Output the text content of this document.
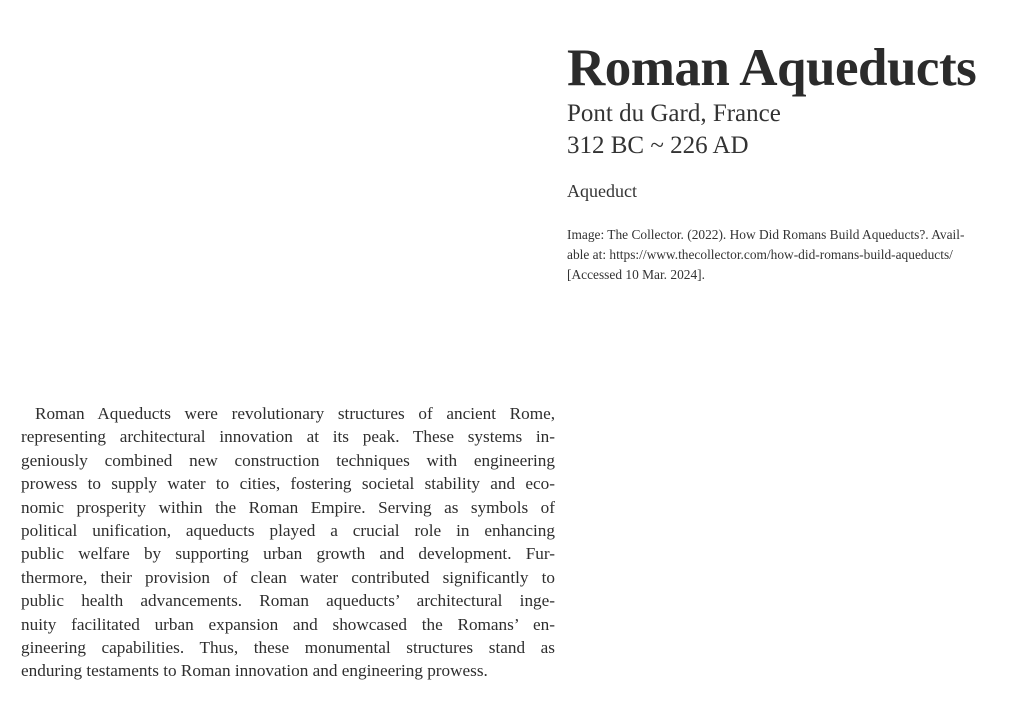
Roman Aqueducts

Pont du Gard, France

312 BC ~ 226 AD

Aqueduct

Image: The Collector. (2022). How Did Romans Build Aqueducts?. Avail-
able at: https://www.thecollector.com/how-did-romans-build-aqueducts/
[Accessed 10 Mar. 2024].
Roman Aqueducts were revolutionary structures of ancient Rome,
representing architectural innovation at its peak. These systems in-
geniously combined new construction techniques with engineering
prowess to supply water to cities, fostering societal stability and eco-
nomic prosperity within the Roman Empire. Serving as symbols of
political unification, aqueducts played a crucial role in enhancing
public welfare by supporting urban growth and development. Fur-
thermore, their provision of clean water contributed significantly to
public health advancements. Roman aqueducts’ architectural inge-
nuity facilitated urban expansion and showcased the Romans’ en-
gineering capabilities. Thus, these monumental structures stand as
enduring testaments to Roman innovation and engineering prowess.
